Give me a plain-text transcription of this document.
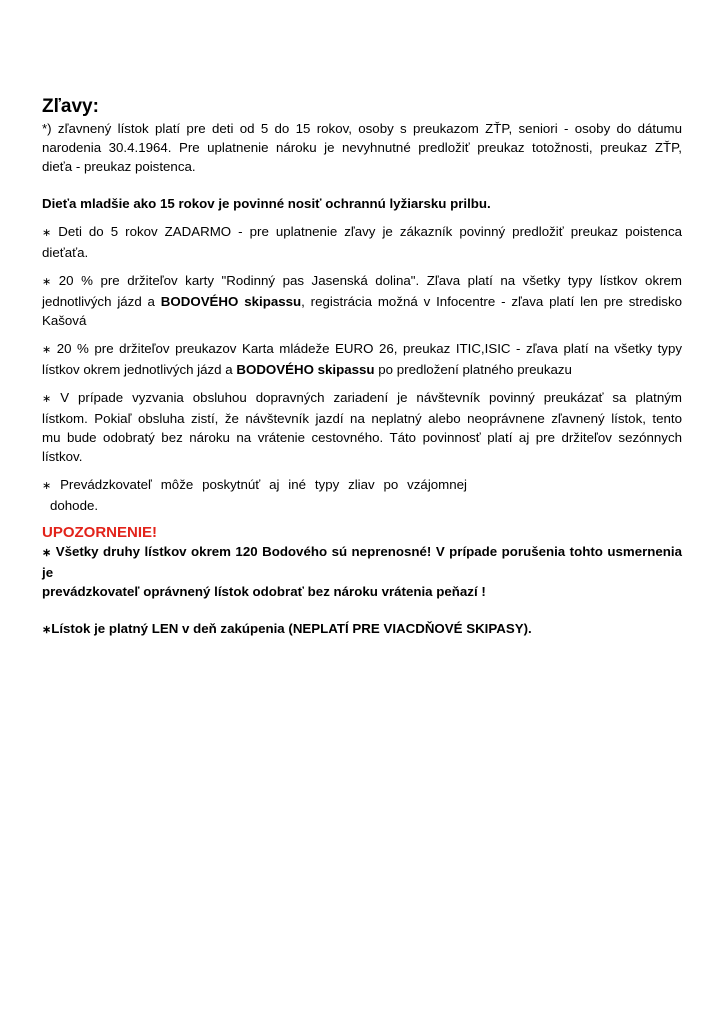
Zľavy:

*) zľavnený lístok platí pre deti od 5 do 15 rokov, osoby s preukazom ZŤP, seniori - osoby do dátumu

narodenia 30.4.1964. Pre uplatnenie nároku je nevyhnutné predložiť preukaz totožnosti, preukaz ZŤP,

dieťa - preukaz poistenca.

Dieťa mladšie ako 15 rokov je povinné nosiť ochrannú lyžiarsku prilbu.

∗ Deti do 5 rokov ZADARMO - pre uplatnenie zľavy je zákazník povinný predložiť preukaz poistenca

dieťaťa.

∗ 20 % pre držiteľov karty "Rodinný pas Jasenská dolina". Zľava platí na všetky typy lístkov okrem

jednotlivých jázd a BODOVÉHO skipassu, registrácia možná v Infocentre - zľava platí len pre stredisko

Kašová

∗ 20 % pre držiteľov preukazov Karta mládeže EURO 26, preukaz ITIC,ISIC - zľava platí na všetky typy

lístkov okrem jednotlivých jázd a BODOVÉHO skipassu po predložení platného preukazu

∗ V prípade vyzvania obsluhou dopravných zariadení je návštevník povinný preukázať sa platným

lístkom. Pokiaľ obsluha zistí, že návštevník jazdí na neplatný alebo neoprávnene zľavnený lístok, tento

mu bude odobratý bez nároku na vrátenie cestovného. Táto povinnosť platí aj pre držiteľov sezónnych

lístkov.

∗ Prevádzkovateľ môže poskytnúť aj iné typy zliav po vzájomnej

dohode.

UPOZORNENIE!

∗ Všetky druhy lístkov okrem 120 Bodového sú neprenosné! V prípade porušenia tohto usmernenia je

prevádzkovateľ oprávnený lístok odobrať bez nároku vrátenia peňazí !

∗Lístok je platný LEN v deň zakúpenia (NEPLATÍ PRE VIACDŇOVÉ SKIPASY).
